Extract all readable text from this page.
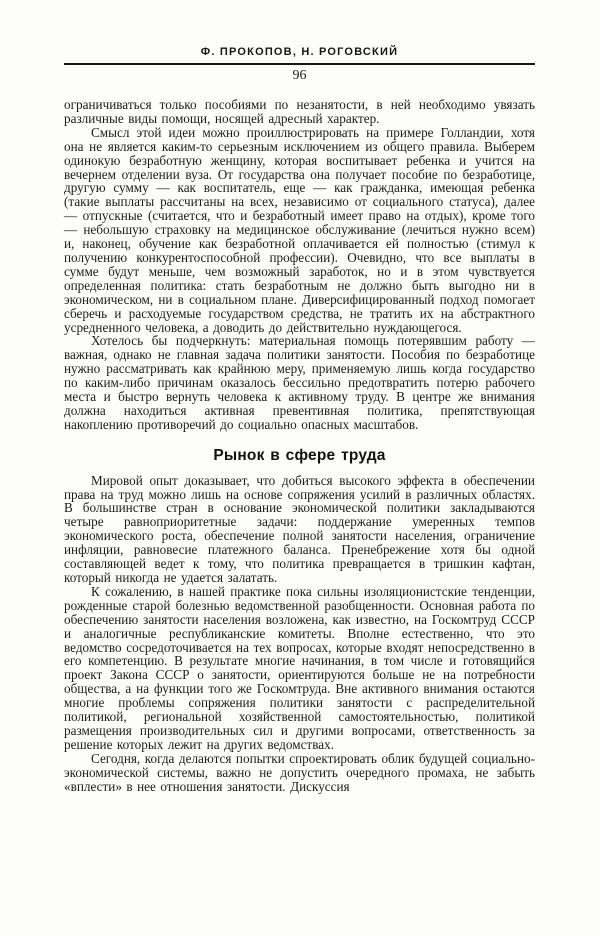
Ф. ПРОКОПОВ, Н. РОГОВСКИЙ
96

ограничиваться только пособиями по незанятости, в ней необходимо увязать различные виды помощи, носящей адресный характер.

Смысл этой идеи можно проиллюстрировать на примере Голландии, хотя она не является каким-то серьезным исключением из общего правила. Выберем одинокую безработную женщину, которая воспитывает ребенка и учится на вечернем отделении вуза. От государства она получает пособие по безработице, другую сумму — как воспитатель, еще — как гражданка, имеющая ребенка (такие выплаты рассчитаны на всех, независимо от социального статуса), далее — отпускные (считается, что и безработный имеет право на отдых), кроме того — небольшую страховку на медицинское обслуживание (лечиться нужно всем) и, наконец, обучение как безработной оплачивается ей полностью (стимул к получению конкурентоспособной профессии). Очевидно, что все выплаты в сумме будут меньше, чем возможный заработок, но и в этом чувствуется определенная политика: стать безработным не должно быть выгодно ни в экономическом, ни в социальном плане. Диверсифицированный подход помогает сберечь и расходуемые государством средства, не тратить их на абстрактного усредненного человека, а доводить до действительно нуждающегося.

Хотелось бы подчеркнуть: материальная помощь потерявшим работу — важная, однако не главная задача политики занятости. Пособия по безработице нужно рассматривать как крайнюю меру, применяемую лишь когда государство по каким-либо причинам оказалось бессильно предотвратить потерю рабочего места и быстро вернуть человека к активному труду. В центре же внимания должна находиться активная превентивная политика, препятствующая накоплению противоречий до социально опасных масштабов.

Рынок в сфере труда

Мировой опыт доказывает, что добиться высокого эффекта в обеспечении права на труд можно лишь на основе сопряжения усилий в различных областях. В большинстве стран в основание экономической политики закладываются четыре равноприоритетные задачи: поддержание умеренных темпов экономического роста, обеспечение полной занятости населения, ограничение инфляции, равновесие платежного баланса. Пренебрежение хотя бы одной составляющей ведет к тому, что политика превращается в тришкин кафтан, который никогда не удается залатать.

К сожалению, в нашей практике пока сильны изоляционистские тенденции, рожденные старой болезнью ведомственной разобщенности. Основная работа по обеспечению занятости населения возложена, как известно, на Госкомтруд СССР и аналогичные республиканские комитеты. Вполне естественно, что это ведомство сосредоточивается на тех вопросах, которые входят непосредственно в его компетенцию. В результате многие начинания, в том числе и готовящийся проект Закона СССР о занятости, ориентируются больше не на потребности общества, а на функции того же Госкомтруда. Вне активного внимания остаются многие проблемы сопряжения политики занятости с распределительной политикой, региональной хозяйственной самостоятельностью, политикой размещения производительных сил и другими вопросами, ответственность за решение которых лежит на других ведомствах.

Сегодня, когда делаются попытки спроектировать облик будущей социально-экономической системы, важно не допустить очередного промаха, не забыть «вплести» в нее отношения занятости. Дискуссия
